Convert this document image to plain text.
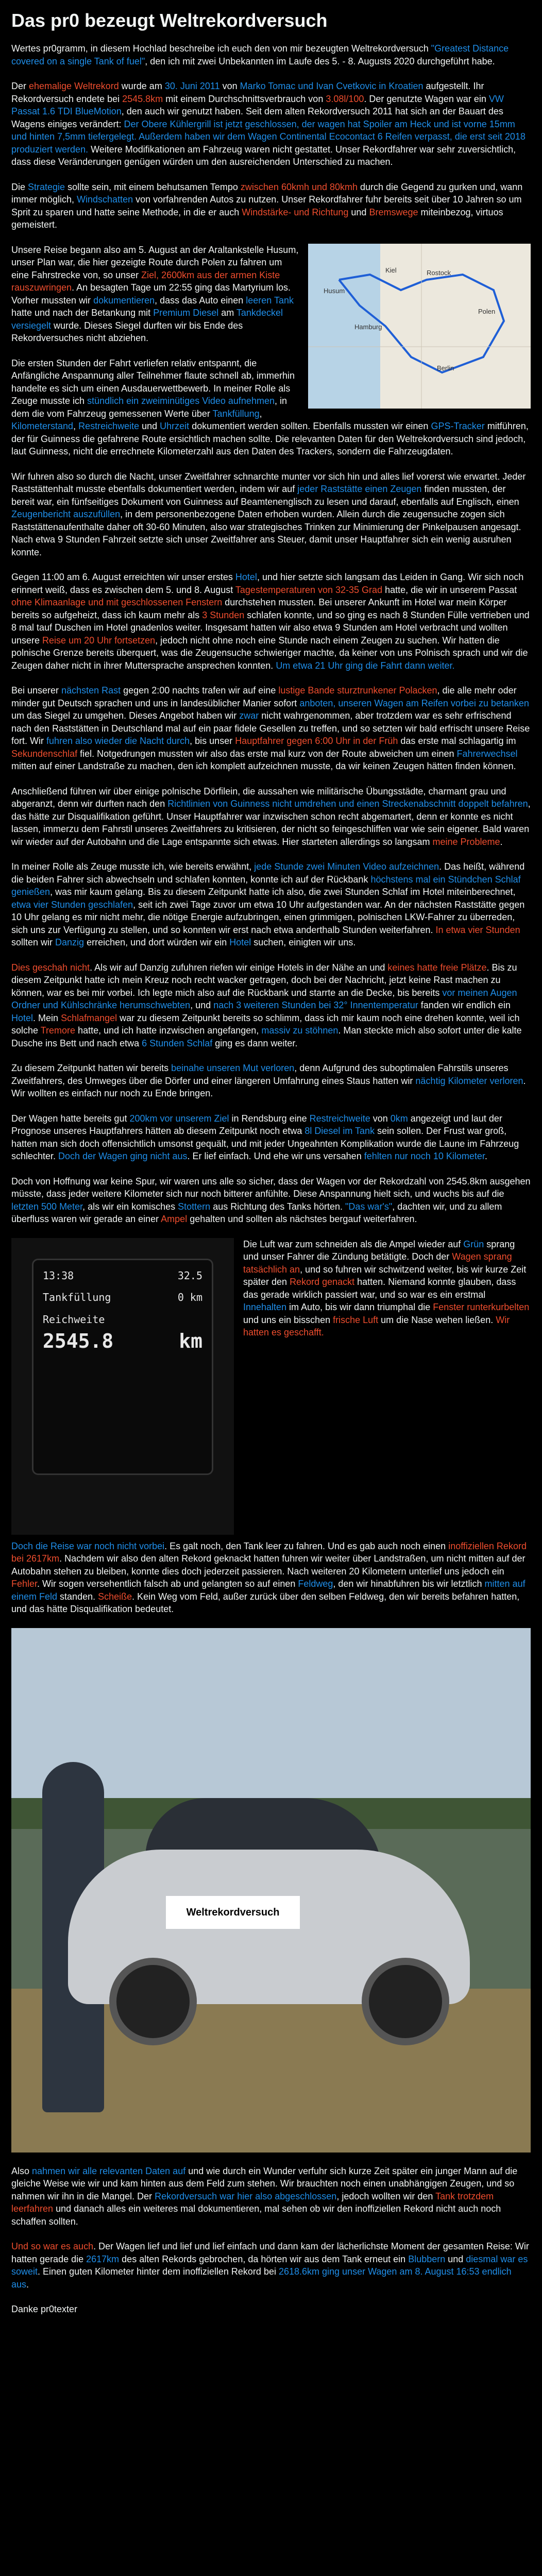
Das pr0 bezeugt Weltrekordversuch

Wertes pr0gramm, in diesem Hochlad beschreibe ich euch den von mir bezeugten Weltrekordversuch "Greatest Distance covered on a single Tank of fuel", den ich mit zwei Unbekannten im Laufe des 5. - 8. Augusts 2020 durchgeführt habe.

Der ehemalige Weltrekord wurde am 30. Juni 2011 von Marko Tomac und Ivan Cvetkovic in Kroatien aufgestellt. Ihr Rekordversuch endete bei 2545.8km mit einem Durchschnittsverbrauch von 3.08l/100. Der genutzte Wagen war ein VW Passat 1.6 TDI BlueMotion, den auch wir genutzt haben. Seit dem alten Rekordversuch 2011 hat sich an der Bauart des Wagens einiges verändert: Der Obere Kühlergrill ist jetzt geschlossen, der wagen hat Spoiler am Heck und ist vorne 15mm und hinten 7,5mm tiefergelegt. Außerdem haben wir dem Wagen Continental Ecocontact 6 Reifen verpasst, die erst seit 2018 produziert werden. Weitere Modifikationen am Fahrzeug waren nicht gestattet. Unser Rekordfahrer war sehr zuversichtlich, dass diese Veränderungen genügen würden um den ausreichenden Unterschied zu machen.

Die Strategie sollte sein, mit einem behutsamen Tempo zwischen 60kmh und 80kmh durch die Gegend zu gurken und, wann immer möglich, Windschatten von vorfahrenden Autos zu nutzen. Unser Rekordfahrer fuhr bereits seit über 10 Jahren so um Sprit zu sparen und hatte seine Methode, in die er auch Windstärke- und Richtung und Bremswege miteinbezog, virtuos gemeistert.

Husum
Kiel
Hamburg
Rostock
Polen
Berlin

Unsere Reise begann also am 5. August an der Araltankstelle Husum, unser Plan war, die hier gezeigte Route durch Polen zu fahren um eine Fahrstrecke von, so unser Ziel, 2600km aus der armen Kiste rauszuwringen. An besagten Tage um 22:55 ging das Martyrium los. Vorher mussten wir dokumentieren, dass das Auto einen leeren Tank hatte und nach der Betankung mit Premium Diesel am Tankdeckel versiegelt wurde. Dieses Siegel durften wir bis Ende des Rekordversuches nicht abziehen.

Die ersten Stunden der Fahrt verliefen relativ entspannt, die Anfängliche Anspannung aller Teilnehmer flaute schnell ab, immerhin handelte es sich um einen Ausdauerwettbewerb. In meiner Rolle als Zeuge musste ich stündlich ein zweiminütiges Video aufnehmen, in dem die vom Fahrzeug gemessenen Werte über Tankfüllung, Kilometerstand, Restreichweite und Uhrzeit dokumentiert werden sollten. Ebenfalls mussten wir einen GPS-Tracker mitführen, der für Guinness die gefahrene Route ersichtlich machen sollte. Die relevanten Daten für den Weltrekordversuch sind jedoch, laut Guinness, nicht die errechnete Kilometerzahl aus den Daten des Trackers, sondern die Fahrzeugdaten.

Wir fuhren also so durch die Nacht, unser Zweitfahrer schnarchte munter vor sich hin und alles lief vorerst wie erwartet. Jeder Raststättenhalt musste ebenfalls dokumentiert werden, indem wir auf jeder Raststätte einen Zeugen finden mussten, der bereit war, ein fünfseitiges Dokument von Guinness auf Beamtenenglisch zu lesen und darauf, ebenfalls auf Englisch, einen Zeugenbericht auszufüllen, in dem personenbezogene Daten erhoben wurden. Allein durch die zeugensuche zogen sich Raststättenaufenthalte daher oft 30-60 Minuten, also war strategisches Trinken zur Minimierung der Pinkelpausen angesagt. Nach etwa 9 Stunden Fahrzeit setzte sich unser Zweitfahrer ans Steuer, damit unser Hauptfahrer sich ein wenig ausruhen konnte.

Gegen 11:00 am 6. August erreichten wir unser erstes Hotel, und hier setzte sich langsam das Leiden in Gang. Wir sich noch erinnert weiß, dass es zwischen dem 5. und 8. August Tagestemperaturen von 32-35 Grad hatte, die wir in unserem Passat ohne Klimaanlage und mit geschlossenen Fenstern durchstehen mussten. Bei unserer Ankunft im Hotel war mein Körper bereits so aufgeheizt, dass ich kaum mehr als 3 Stunden schlafen konnte, und so ging es nach 8 Stunden Fülle vertrieben und 8 mal tauf Duschen im Hotel gnadenlos weiter. Insgesamt hatten wir also etwa 9 Stunden am Hotel verbracht und wollten unsere Reise um 20 Uhr fortsetzen, jedoch nicht ohne noch eine Stunde nach einem Zeugen zu suchen. Wir hatten die polnische Grenze bereits überquert, was die Zeugensuche schwieriger machte, da keiner von uns Polnisch sprach und wir die Zeugen daher nicht in ihrer Muttersprache ansprechen konnten. Um etwa 21 Uhr ging die Fahrt dann weiter.

Bei unserer nächsten Rast gegen 2:00 nachts trafen wir auf eine lustige Bande sturztrunkener Polacken, die alle mehr oder minder gut Deutsch sprachen und uns in landesüblicher Manier sofort anboten, unseren Wagen am Reifen vorbei zu betanken um das Siegel zu umgehen. Dieses Angebot haben wir zwar nicht wahrgenommen, aber trotzdem war es sehr erfrischend nach den Raststätten in Deutschland mal auf ein paar fidele Gesellen zu treffen, und so setzten wir bald erfrischt unsere Reise fort. Wir fuhren also wieder die Nacht durch, bis unser Hauptfahrer gegen 6:00 Uhr in der Früh das erste mal schlagartig im Sekundenschlaf fiel. Notgedrungen mussten wir also das erste mal kurz von der Route abweichen um einen Fahrerwechsel mitten auf einer Landstraße zu machen, den ich komplett aufzeichnen musste, da wir keinen Zeugen hätten finden können.

Anschließend führen wir über einige polnische Dörfilein, die aussahen wie militärische Übungsstädte, charmant grau und abgeranzt, denn wir durften nach den Richtlinien von Guinness nicht umdrehen und einen Streckenabschnitt doppelt befahren, das hätte zur Disqualifikation geführt. Unser Hauptfahrer war inzwischen schon recht abgemartert, denn er konnte es nicht lassen, immerzu dem Fahrstil unseres Zweitfahrers zu kritisieren, der nicht so feingeschliffen war wie sein eigener. Bald waren wir wieder auf der Autobahn und die Lage entspannte sich etwas. Hier starteten allerdings so langsam meine Probleme.

In meiner Rolle als Zeuge musste ich, wie bereits erwähnt, jede Stunde zwei Minuten Video aufzeichnen. Das heißt, während die beiden Fahrer sich abwechseln und schlafen konnten, konnte ich auf der Rückbank höchstens mal ein Stündchen Schlaf genießen, was mir kaum gelang. Bis zu diesem Zeitpunkt hatte ich also, die zwei Stunden Schlaf im Hotel miteinberechnet, etwa vier Stunden geschlafen, seit ich zwei Tage zuvor um etwa 10 Uhr aufgestanden war. An der nächsten Raststätte gegen 10 Uhr gelang es mir nicht mehr, die nötige Energie aufzubringen, einen grimmigen, polnischen LKW-Fahrer zu überreden, sich uns zur Verfügung zu stellen, und so konnten wir erst nach etwa anderthalb Stunden weiterfahren. In etwa vier Stunden sollten wir Danzig erreichen, und dort würden wir ein Hotel suchen, einigten wir uns.

Dies geschah nicht. Als wir auf Danzig zufuhren riefen wir einige Hotels in der Nähe an und keines hatte freie Plätze. Bis zu diesem Zeitpunkt hatte ich mein Kreuz noch recht wacker getragen, doch bei der Nachricht, jetzt keine Rast machen zu können, war es bei mir vorbei. Ich legte mich also auf die Rückbank und starrte an die Decke, bis bereits vor meinen Augen Ordner und Kühlschränke herumschwebten, und nach 3 weiteren Stunden bei 32° Innentemperatur fanden wir endlich ein Hotel. Mein Schlafmangel war zu diesem Zeitpunkt bereits so schlimm, dass ich mir kaum noch eine drehen konnte, weil ich solche Tremore hatte, und ich hatte inzwischen angefangen, massiv zu stöhnen. Man steckte mich also sofort unter die kalte Dusche ins Bett und nach etwa 6 Stunden Schlaf ging es dann weiter.

Zu diesem Zeitpunkt hatten wir bereits beinahe unseren Mut verloren, denn Aufgrund des suboptimalen Fahrstils unseres Zweitfahrers, des Umweges über die Dörfer und einer längeren Umfahrung eines Staus hatten wir nächtig Kilometer verloren. Wir wollten es einfach nur noch zu Ende bringen.

Der Wagen hatte bereits gut 200km vor unserem Ziel in Rendsburg eine Restreichweite von 0km angezeigt und laut der Prognose unseres Hauptfahrers hätten ab diesem Zeitpunkt noch etwa 8l Diesel im Tank sein sollen. Der Frust war groß, hatten man sich doch offensichtlich umsonst gequält, und mit jeder Ungeahnten Komplikation wurde die Laune im Fahrzeug schlechter. Doch der Wagen ging nicht aus. Er lief einfach. Und ehe wir uns versahen fehlten nur noch 10 Kilometer.

Doch von Hoffnung war keine Spur, wir waren uns alle so sicher, dass der Wagen vor der Rekordzahl von 2545.8km ausgehen müsste, dass jeder weitere Kilometer sich nur noch bitterer anfühlte. Diese Anspannung hielt sich, und wuchs bis auf die letzten 500 Meter, als wir ein komisches Stottern aus Richtung des Tanks hörten. "Das war's", dachten wir, und zu allem überfluss waren wir gerade an einer Ampel gehalten und sollten als nächstes bergauf weiterfahren.

13:38	32.5
Tankfüllung	0 km
Reichweite
2545.8	km

Die Luft war zum schneiden als die Ampel wieder auf Grün sprang und unser Fahrer die Zündung betätigte. Doch der Wagen sprang tatsächlich an, und so fuhren wir schwitzend weiter, bis wir kurze Zeit später den Rekord genackt hatten. Niemand konnte glauben, dass das gerade wirklich passiert war, und so war es ein erstmal Innehalten im Auto, bis wir dann triumphal die Fenster runterkurbelten und uns ein bisschen frische Luft um die Nase wehen ließen. Wir hatten es geschafft.

Doch die Reise war noch nicht vorbei. Es galt noch, den Tank leer zu fahren. Und es gab auch noch einen inoffiziellen Rekord bei 2617km. Nachdem wir also den alten Rekord geknackt hatten fuhren wir weiter über Landstraßen, um nicht mitten auf der Autobahn stehen zu bleiben, konnte dies doch jederzeit passieren. Nach weiteren 20 Kilometern unterlief uns jedoch ein Fehler. Wir sogen versehentlich falsch ab und gelangten so auf einen Feldweg, den wir hinabfuhren bis wir letztlich mitten auf einem Feld standen. Scheiße. Kein Weg vom Feld, außer zurück über den selben Feldweg, den wir bereits befahren hatten, und das hätte Disqualifikation bedeutet.

Weltrekordversuch

Also nahmen wir alle relevanten Daten auf und wie durch ein Wunder verfuhr sich kurze Zeit später ein junger Mann auf die gleiche Weise wie wir und kam hinten aus dem Feld zum stehen. Wir brauchten noch einen unabhängigen Zeugen, und so nahmen wir ihn in die Mangel. Der Rekordversuch war hier also abgeschlossen, jedoch wollten wir den Tank trotzdem leerfahren und danach alles ein weiteres mal dokumentieren, mal sehen ob wir den inoffiziellen Rekord nicht auch noch schaffen sollten.

Und so war es auch. Der Wagen lief und lief und lief einfach und dann kam der lächerlichste Moment der gesamten Reise: Wir hatten gerade die 2617km des alten Rekords gebrochen, da hörten wir aus dem Tank erneut ein Blubbern und diesmal war es soweit. Einen guten Kilometer hinter dem inoffiziellen Rekord bei 2618.6km ging unser Wagen am 8. August 16:53 endlich aus.

Danke pr0texter
